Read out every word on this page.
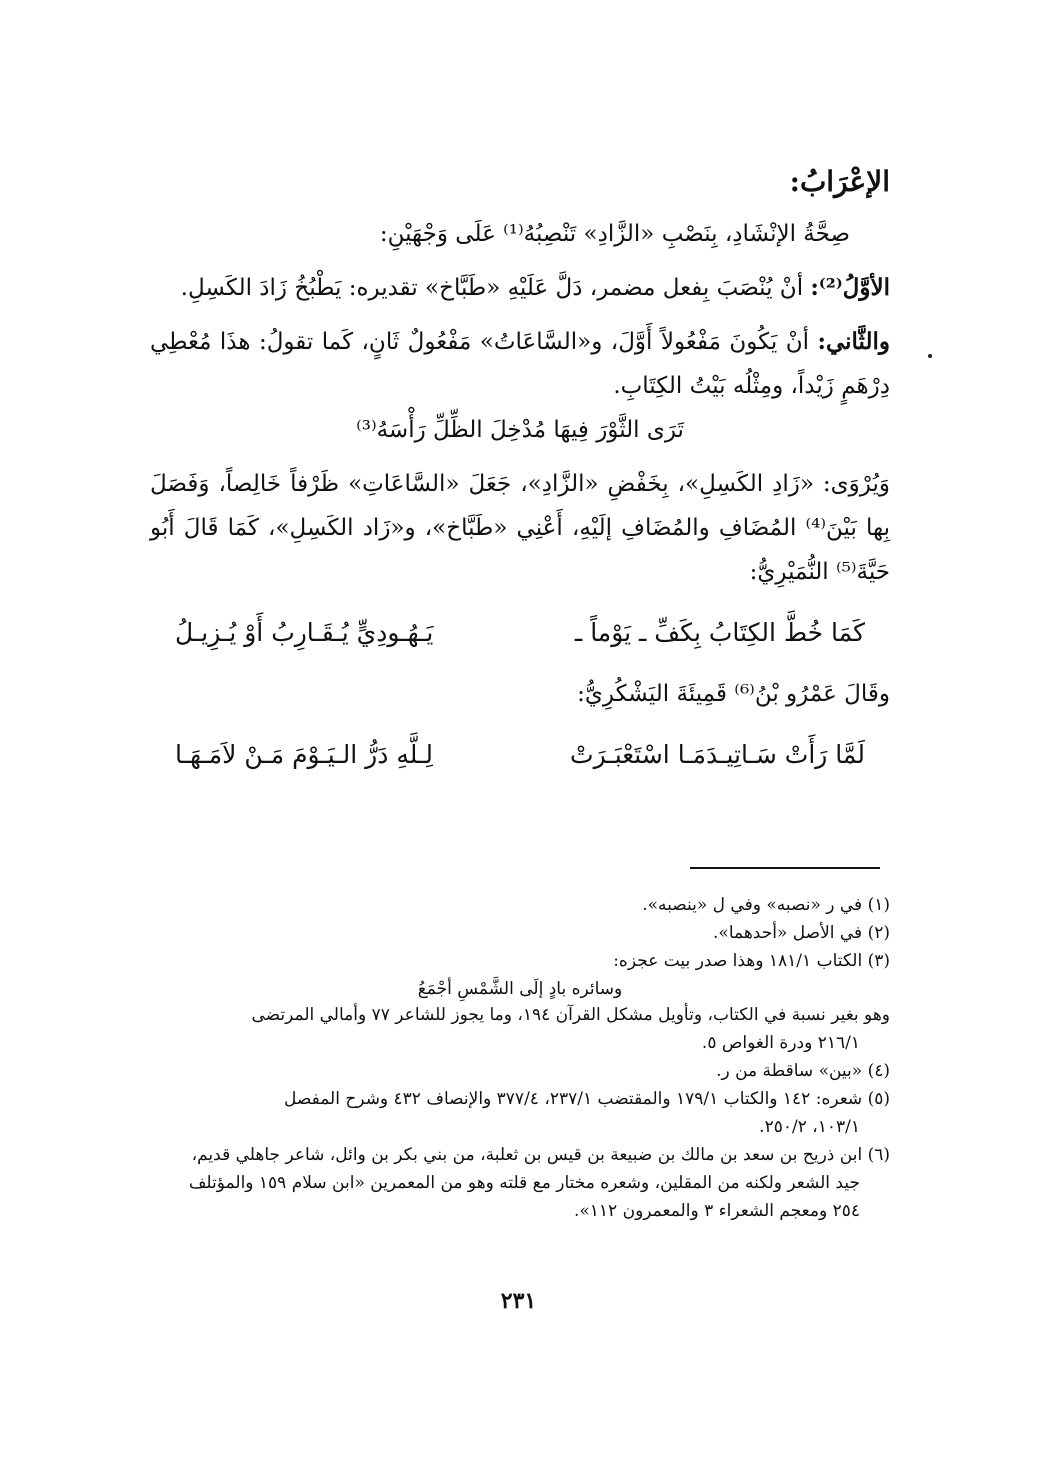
الإعْرَابُ:

صِحَّةُ الإنْشَادِ، بِنَصْبِ «الزَّادِ» تَنْصِبُهُ⁽¹⁾ عَلَى وَجْهَيْنِ:

الأوَّلُ⁽²⁾: أنْ يُنْصَبَ بِفعل مضمر، دَلَّ عَلَيْهِ «طَبَّاخ» تقديره: يَطْبُخُ زَادَ الكَسِلِ.

والثَّاني: أنْ يَكُونَ مَفْعُولاً أَوَّلَ، و«السَّاعَاتُ» مَفْعُولٌ ثَانٍ، كَما تقولُ: هذَا مُعْطِي دِرْهَمٍ زَيْداً، ومِثْلُه بَيْتُ الكِتَابِ.

تَرَى الثَّوْرَ فِيهَا مُدْخِلَ الظِّلِّ رَأْسَهُ⁽³⁾

وَيُرْوَى: «زَادِ الكَسِلِ»، بِخَفْضِ «الزَّادِ»، جَعَلَ «السَّاعَاتِ» ظَرْفاً خَالِصاً، وَفَصَلَ بِها بَيْنَ⁽⁴⁾ المُضَافِ والمُضَافِ إلَيْهِ، أَعْنِي «طَبَّاخ»، و«زَاد الكَسِلِ»، كَمَا قَالَ أَبُو حَيَّةَ⁽⁵⁾ النُّمَيْرِيُّ:

كَمَا خُطَّ الكِتَابُ بِكَفِّ ـ يَوْماً ـ
يَـهُـودِيٍّ يُـقَـارِبُ أَوْ يُـزِيـلُ

وقَالَ عَمْرُو بْنُ⁽⁶⁾ قَمِيئَةَ اليَشْكُرِيُّ:

لَمَّا رَأَتْ سَـاتِيـدَمَـا اسْتَعْبَـرَتْ
لِـلَّهِ دَرُّ الـيَـوْمَ مَـنْ لاَمَـهَـا

(١) في ر «نصبه» وفي ل «ينصبه».

(٢) في الأصل «أحدهما».

(٣) الكتاب ١٨١/١ وهذا صدر بيت عجزه:

وسائره بادٍ إلَى الشَّمْسِ أجْمَعُ

وهو بغير نسبة في الكتاب، وتأويل مشكل القرآن ١٩٤، وما يجوز للشاعر ٧٧ وأمالي المرتضى

٢١٦/١ ودرة الغواص ٥.

(٤) «بين» ساقطة من ر.

(٥) شعره: ١٤٢ والكتاب ١٧٩/١ والمقتضب ٢٣٧/١، ٣٧٧/٤ والإنصاف ٤٣٢ وشرح المفصل

١٠٣/١، ٢٥٠/٢.

(٦) ابن ذريح بن سعد بن مالك بن ضبيعة بن قيس بن ثعلبة، من بني بكر بن وائل، شاعر جاهلي قديم،

جيد الشعر ولكنه من المقلين، وشعره مختار مع قلته وهو من المعمرين «ابن سلام ١٥٩ والمؤتلف

٢٥٤ ومعجم الشعراء ٣ والمعمرون ١١٢».

٢٣١
